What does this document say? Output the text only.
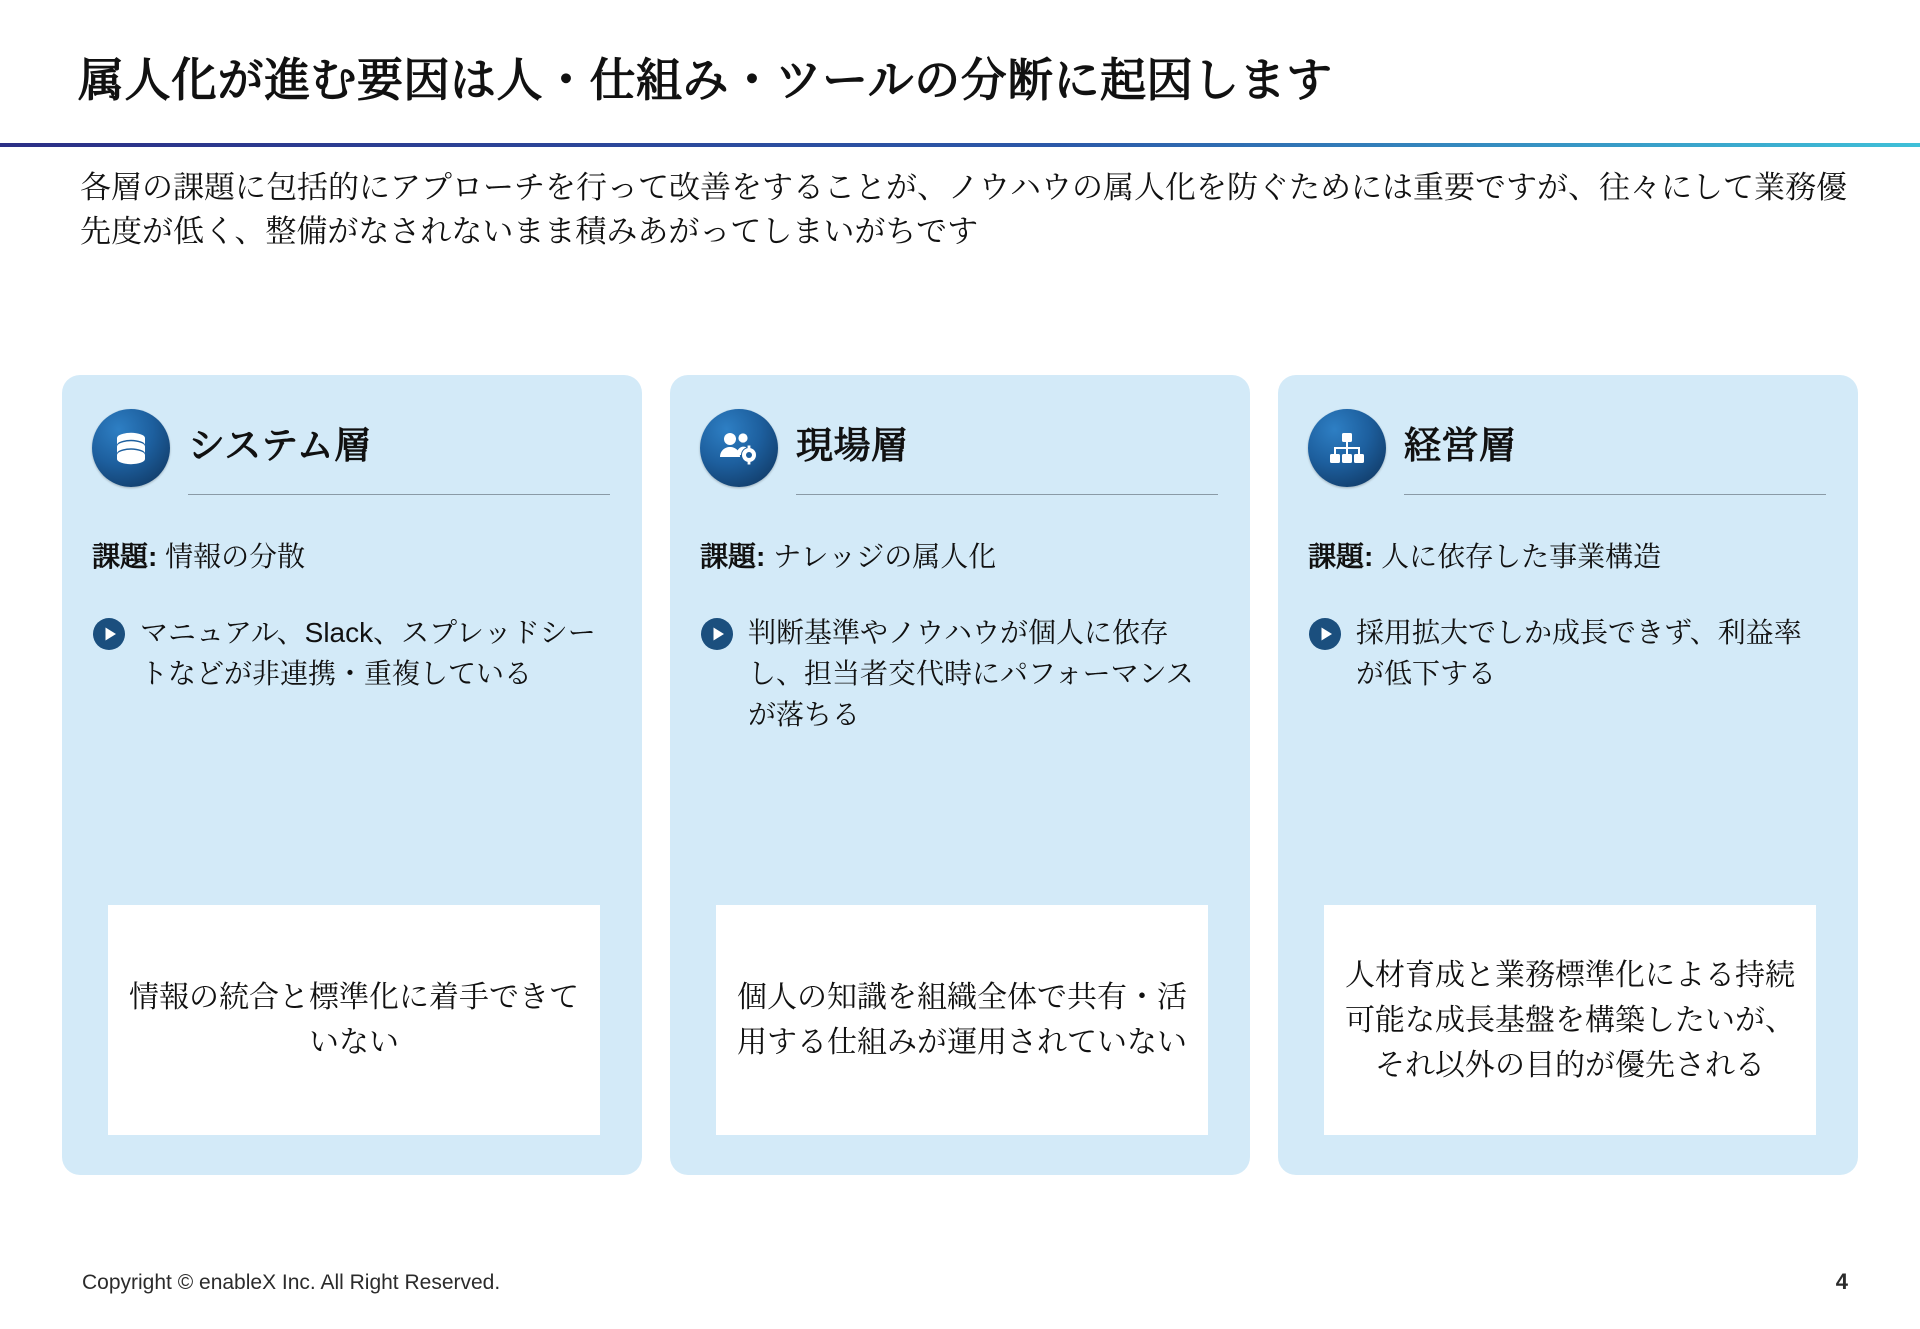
属人化が進む要因は人・仕組み・ツールの分断に起因します
各層の課題に包括的にアプローチを行って改善をすることが、ノウハウの属人化を防ぐためには重要ですが、往々にして業務優先度が低く、整備がなされないまま積みあがってしまいがちです
システム層
課題: 情報の分散
マニュアル、Slack、スプレッドシートなどが非連携・重複している
情報の統合と標準化に着手できていない
現場層
課題: ナレッジの属人化
判断基準やノウハウが個人に依存し、担当者交代時にパフォーマンスが落ちる
個人の知識を組織全体で共有・活用する仕組みが運用されていない
経営層
課題: 人に依存した事業構造
採用拡大でしか成長できず、利益率が低下する
人材育成と業務標準化による持続可能な成長基盤を構築したいが、それ以外の目的が優先される
Copyright © enableX Inc. All Right Reserved.	4
